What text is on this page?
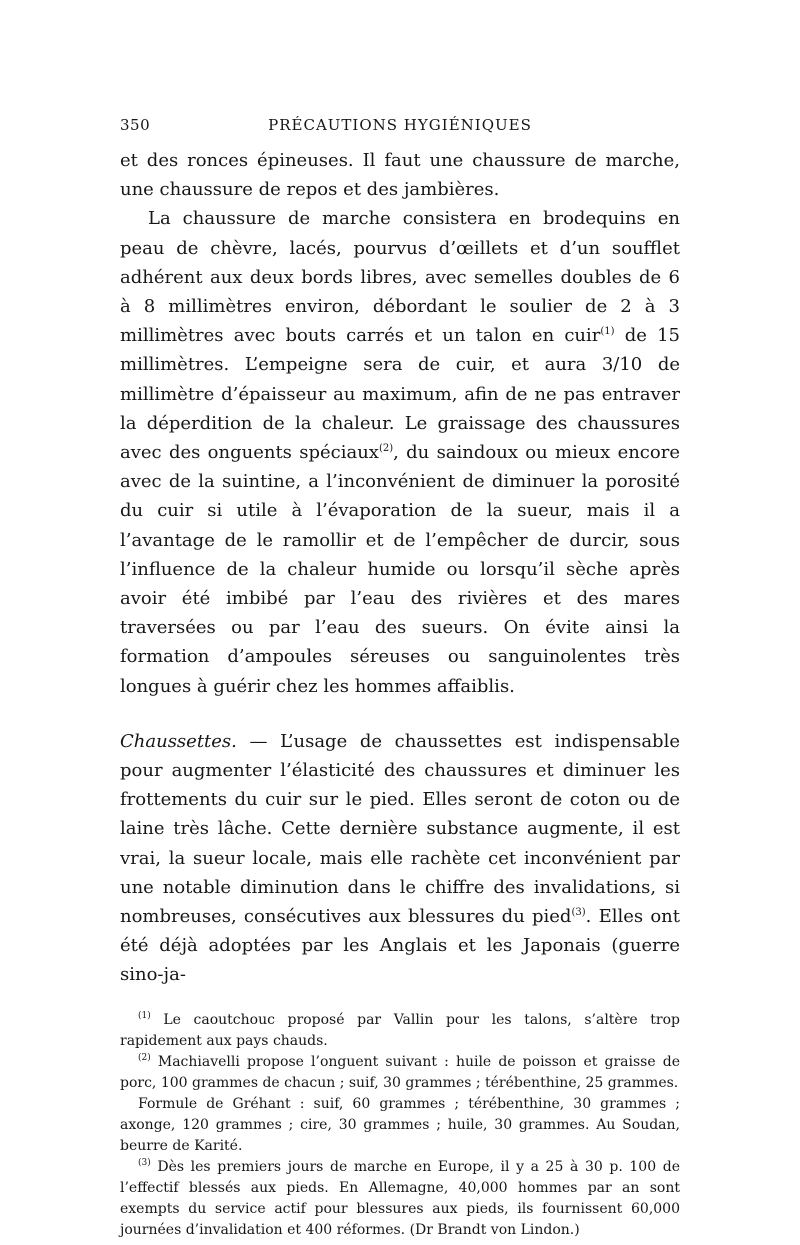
350	PRÉCAUTIONS HYGIÉNIQUES

et des ronces épineuses. Il faut une chaussure de marche, une chaussure de repos et des jambières.

La chaussure de marche consistera en brodequins en peau de chèvre, lacés, pourvus d’œillets et d’un soufflet adhérent aux deux bords libres, avec semelles doubles de 6 à 8 millimètres environ, débordant le soulier de 2 à 3 millimètres avec bouts carrés et un talon en cuir$^{(1)}$ de 15 millimètres. L’empeigne sera de cuir, et aura 3/10 de millimètre d’épaisseur au maximum, afin de ne pas entraver la déperdition de la chaleur. Le graissage des chaussures avec des onguents spéciaux$^{(2)}$, du saindoux ou mieux encore avec de la suintine, a l’inconvénient de diminuer la porosité du cuir si utile à l’évaporation de la sueur, mais il a l’avantage de le ramollir et de l’empêcher de durcir, sous l’influence de la chaleur humide ou lorsqu’il sèche après avoir été imbibé par l’eau des rivières et des mares traversées ou par l’eau des sueurs. On évite ainsi la formation d’ampoules séreuses ou sanguinolentes très longues à guérir chez les hommes affaiblis.

Chaussettes. — L’usage de chaussettes est indispensable pour augmenter l’élasticité des chaussures et diminuer les frottements du cuir sur le pied. Elles seront de coton ou de laine très lâche. Cette dernière substance augmente, il est vrai, la sueur locale, mais elle rachète cet inconvénient par une notable diminution dans le chiffre des invalidations, si nombreuses, consécutives aux blessures du pied$^{(3)}$. Elles ont été déjà adoptées par les Anglais et les Japonais (guerre sino-ja-

$^{(1)}$ Le caoutchouc proposé par Vallin pour les talons, s’altère trop rapidement aux pays chauds.

$^{(2)}$ Machiavelli propose l’onguent suivant : huile de poisson et graisse de porc, 100 grammes de chacun ; suif, 30 grammes ; térébenthine, 25 grammes.

Formule de Gréhant : suif, 60 grammes ; térébenthine, 30 grammes ; axonge, 120 grammes ; cire, 30 grammes ; huile, 30 grammes. Au Soudan, beurre de Karité.

$^{(3)}$ Dès les premiers jours de marche en Europe, il y a 25 à 30 p. 100 de l’effectif blessés aux pieds. En Allemagne, 40,000 hommes par an sont exempts du service actif pour blessures aux pieds, ils fournissent 60,000 journées d’invalidation et 400 réformes. (Dr Brandt von Lindon.)
